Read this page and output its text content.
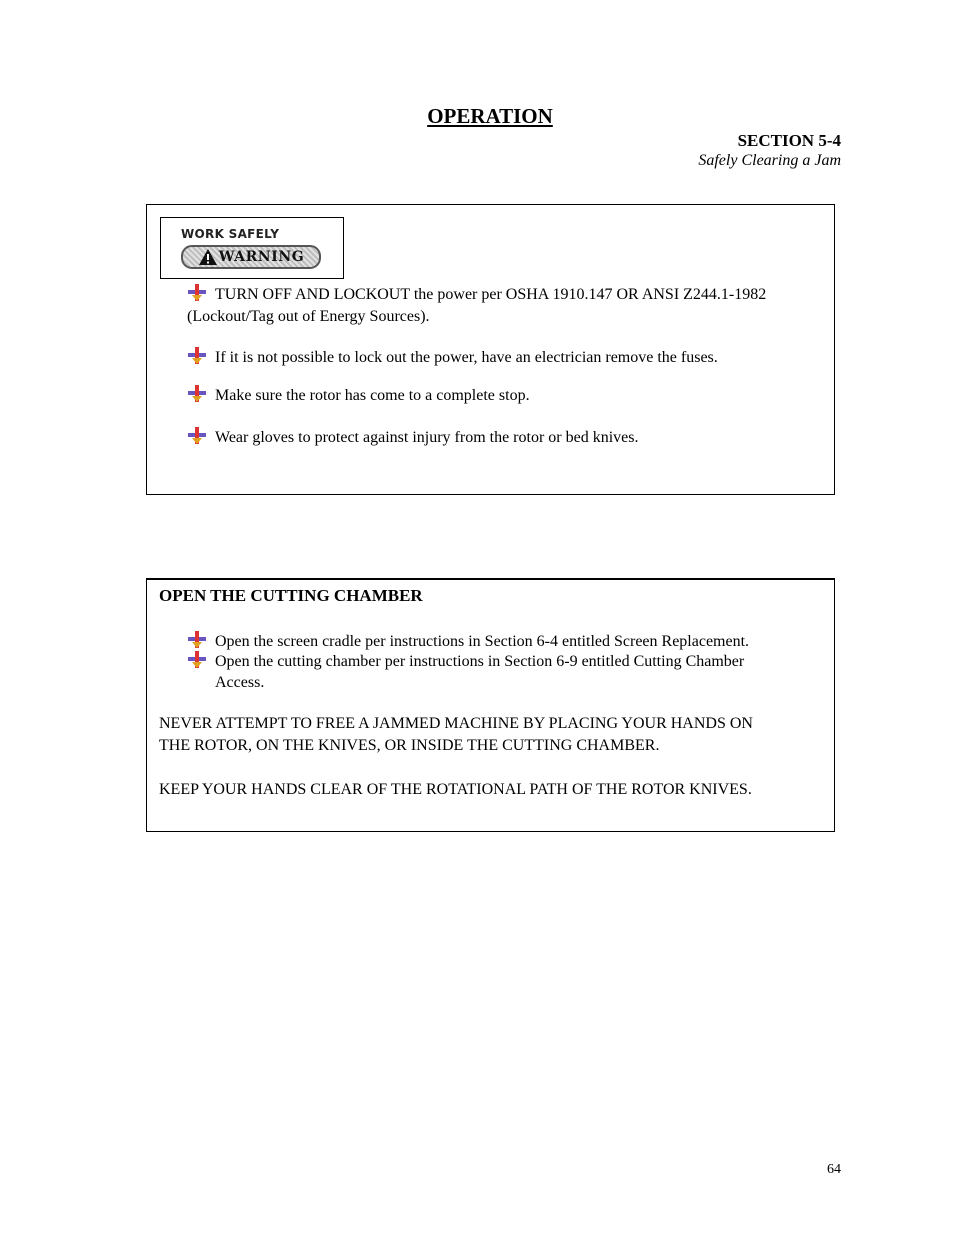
OPERATION
SECTION 5-4
Safely Clearing a Jam
WORK SAFELY
WARNING
TURN OFF AND LOCKOUT the power per OSHA 1910.147 OR ANSI Z244.1-1982
(Lockout/Tag out of Energy Sources).
If it is not possible to lock out the power, have an electrician remove the fuses.
Make sure the rotor has come to a complete stop.
Wear gloves to protect against injury from the rotor or bed knives.
OPEN THE CUTTING CHAMBER
Open the screen cradle per instructions in Section 6-4 entitled Screen Replacement.
Open the cutting chamber per instructions in Section 6-9 entitled Cutting Chamber
Access.
NEVER ATTEMPT TO FREE A JAMMED MACHINE BY PLACING YOUR HANDS ON
THE ROTOR, ON THE KNIVES, OR INSIDE THE CUTTING CHAMBER.
KEEP YOUR HANDS CLEAR OF THE ROTATIONAL PATH OF THE ROTOR KNIVES.
64
